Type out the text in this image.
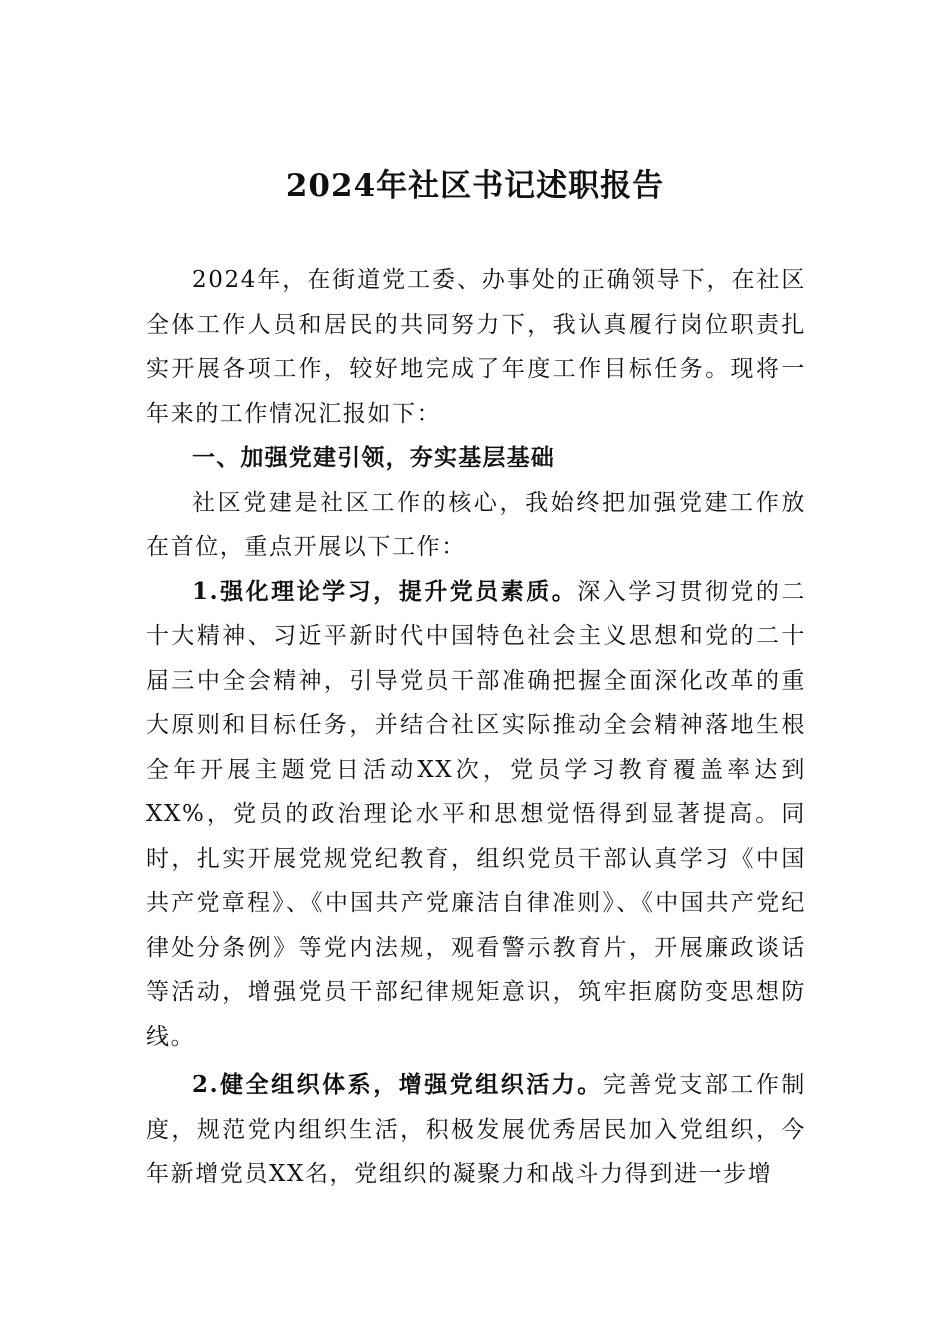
2024年社区书记述职报告

2024年，在街道党工委、办事处的正确领导下，在社区全体工作人员和居民的共同努力下，我认真履行岗位职责扎实开展各项工作，较好地完成了年度工作目标任务。现将一年来的工作情况汇报如下：

一、加强党建引领，夯实基层基础

社区党建是社区工作的核心，我始终把加强党建工作放在首位，重点开展以下工作：

1.强化理论学习，提升党员素质。深入学习贯彻党的二十大精神、习近平新时代中国特色社会主义思想和党的二十届三中全会精神，引导党员干部准确把握全面深化改革的重大原则和目标任务，并结合社区实际推动全会精神落地生根全年开展主题党日活动XX次，党员学习教育覆盖率达到XX%，党员的政治理论水平和思想觉悟得到显著提高。同时，扎实开展党规党纪教育，组织党员干部认真学习《中国共产党章程》、《中国共产党廉洁自律准则》、《中国共产党纪律处分条例》等党内法规，观看警示教育片，开展廉政谈话等活动，增强党员干部纪律规矩意识，筑牢拒腐防变思想防线。

2.健全组织体系，增强党组织活力。完善党支部工作制度，规范党内组织生活，积极发展优秀居民加入党组织，今年新增党员XX名，党组织的凝聚力和战斗力得到进一步增
